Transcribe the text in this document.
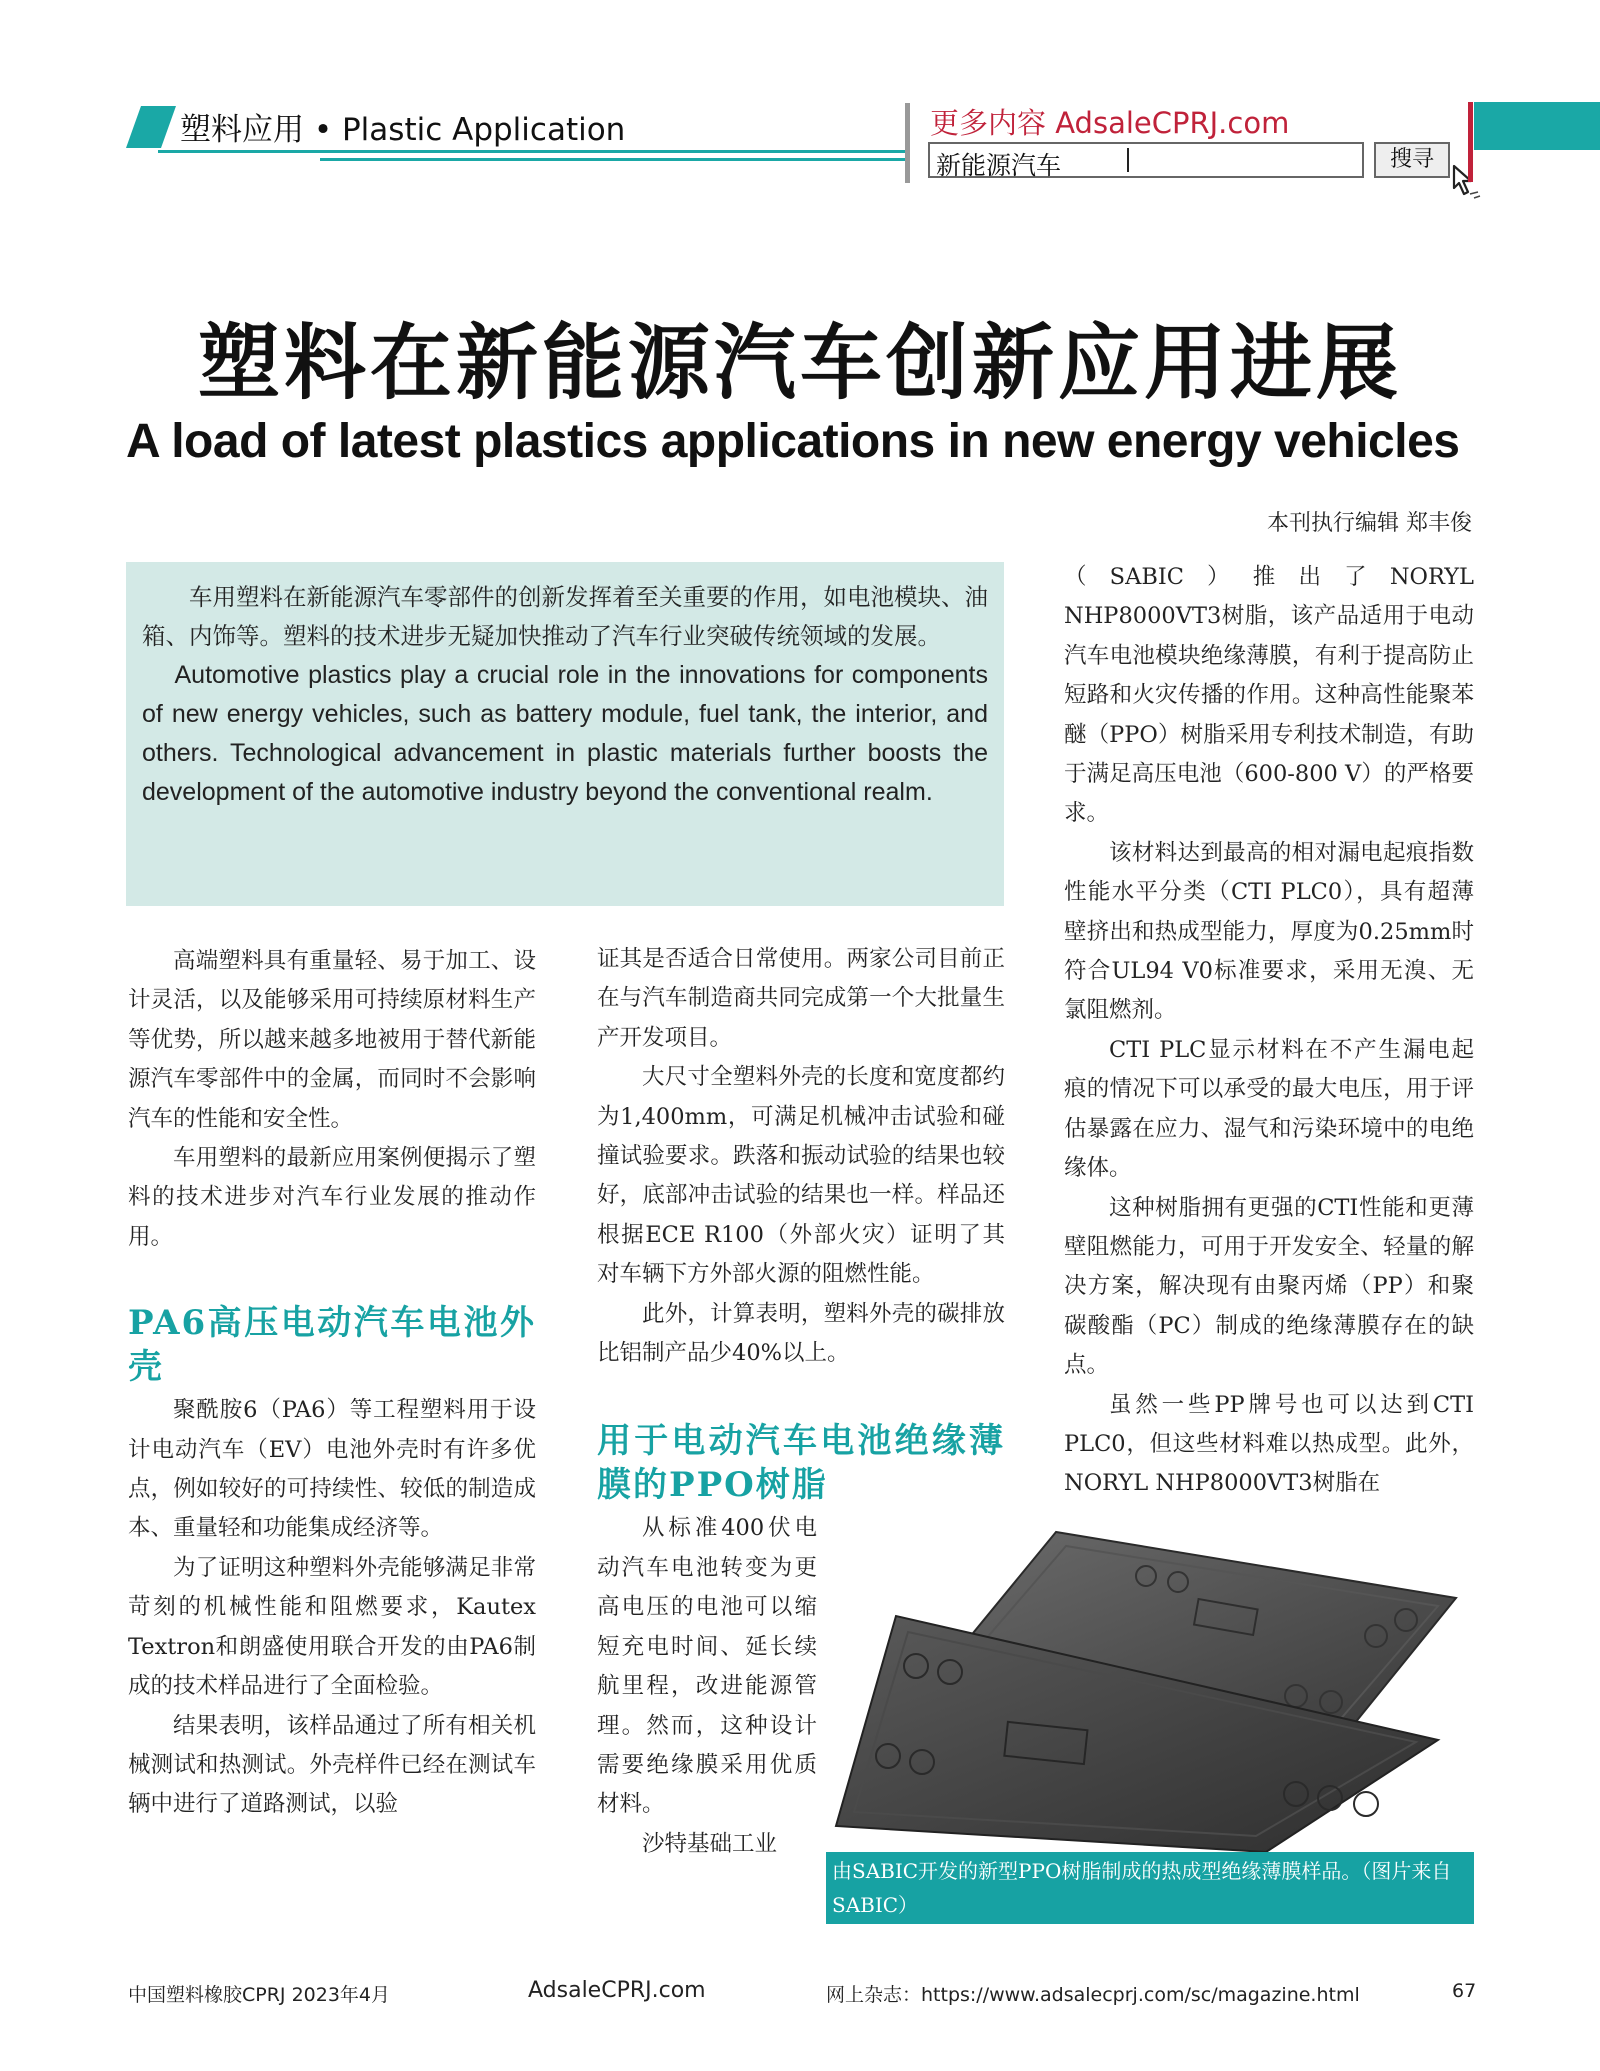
塑料应用 • Plastic Application	更多内容 AdsaleCPRJ.com
新能源汽车	搜寻
塑料在新能源汽车创新应用进展
A load of latest plastics applications in new energy vehicles
本刊执行编辑 郑丰俊

车用塑料在新能源汽车零部件的创新发挥着至关重要的作用，如电池模块、油箱、内饰等。塑料的技术进步无疑加快推动了汽车行业突破传统领域的发展。

Automotive plastics play a crucial role in the innovations for components of new energy vehicles, such as battery module, fuel tank, the interior, and others. Technological advancement in plastic materials further boosts the development of the automotive industry beyond the conventional realm.

高端塑料具有重量轻、易于加工、设计灵活，以及能够采用可持续原材料生产等优势，所以越来越多地被用于替代新能源汽车零部件中的金属，而同时不会影响汽车的性能和安全性。

车用塑料的最新应用案例便揭示了塑料的技术进步对汽车行业发展的推动作用。

PA6高压电动汽车电池外壳

聚酰胺6（PA6）等工程塑料用于设计电动汽车（EV）电池外壳时有许多优点，例如较好的可持续性、较低的制造成本、重量轻和功能集成经济等。

为了证明这种塑料外壳能够满足非常苛刻的机械性能和阻燃要求，Kautex Textron和朗盛使用联合开发的由PA6制成的技术样品进行了全面检验。

结果表明，该样品通过了所有相关机械测试和热测试。外壳样件已经在测试车辆中进行了道路测试，以验

证其是否适合日常使用。两家公司目前正在与汽车制造商共同完成第一个大批量生产开发项目。

大尺寸全塑料外壳的长度和宽度都约为1,400mm，可满足机械冲击试验和碰撞试验要求。跌落和振动试验的结果也较好，底部冲击试验的结果也一样。样品还根据ECE R100（外部火灾）证明了其对车辆下方外部火源的阻燃性能。

此外，计算表明，塑料外壳的碳排放比铝制产品少40%以上。

用于电动汽车电池绝缘薄膜的PPO树脂

从标准400伏电动汽车电池转变为更高电压的电池可以缩短充电时间、延长续航里程，改进能源管理。然而，这种设计需要绝缘膜采用优质材料。

沙特基础工业

（SABIC）推出了NORYL NHP8000VT3树脂，该产品适用于电动汽车电池模块绝缘薄膜，有利于提高防止短路和火灾传播的作用。这种高性能聚苯醚（PPO）树脂采用专利技术制造，有助于满足高压电池（600-800 V）的严格要求。

该材料达到最高的相对漏电起痕指数性能水平分类（CTI PLC0），具有超薄壁挤出和热成型能力，厚度为0.25mm时符合UL94 V0标准要求，采用无溴、无氯阻燃剂。

CTI PLC显示材料在不产生漏电起痕的情况下可以承受的最大电压，用于评估暴露在应力、湿气和污染环境中的电绝缘体。

这种树脂拥有更强的CTI性能和更薄壁阻燃能力，可用于开发安全、轻量的解决方案，解决现有由聚丙烯（PP）和聚碳酸酯（PC）制成的绝缘薄膜存在的缺点。

虽然一些PP牌号也可以达到CTI PLC0，但这些材料难以热成型。此外，NORYL NHP8000VT3树脂在

由SABIC开发的新型PPO树脂制成的热成型绝缘薄膜样品。（图片来自SABIC）
中国塑料橡胶CPRJ 2023年4月	AdsaleCPRJ.com	网上杂志：https://www.adsalecprj.com/sc/magazine.html	67
